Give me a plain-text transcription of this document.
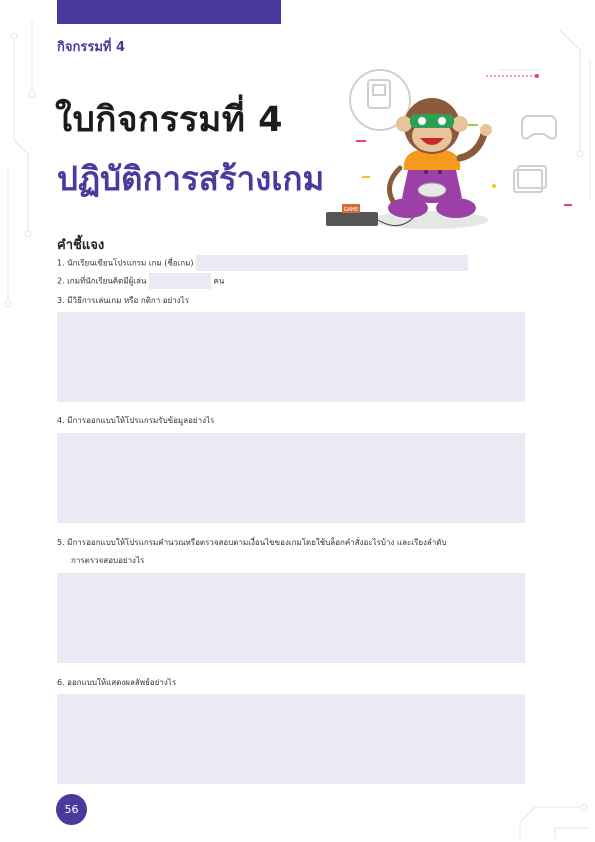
กิจกรรมที่ 4
ใบกิจกรรมที่ 4
ปฏิบัติการสร้างเกม
GAME
คำชี้แจง
1. นักเรียนเขียนโปรแกรม เกม (ชื่อเกม)
2. เกมที่นักเรียนคิดมีผู้เล่น	คน
3. มีวิธีการเล่นเกม หรือ กติกา อย่างไร
4. มีการออกแบบให้โปรแกรมรับข้อมูลอย่างไร
5. มีการออกแบบให้โปรแกรมคำนวณหรือตรวจสอบตามเงื่อนไขของเกมโดยใช้บล็อกคำสั่งอะไรบ้าง และเรียงลำดับ
การตรวจสอบอย่างไร
6. ออกแบบให้แสดงผลลัพธ์อย่างไร
56
